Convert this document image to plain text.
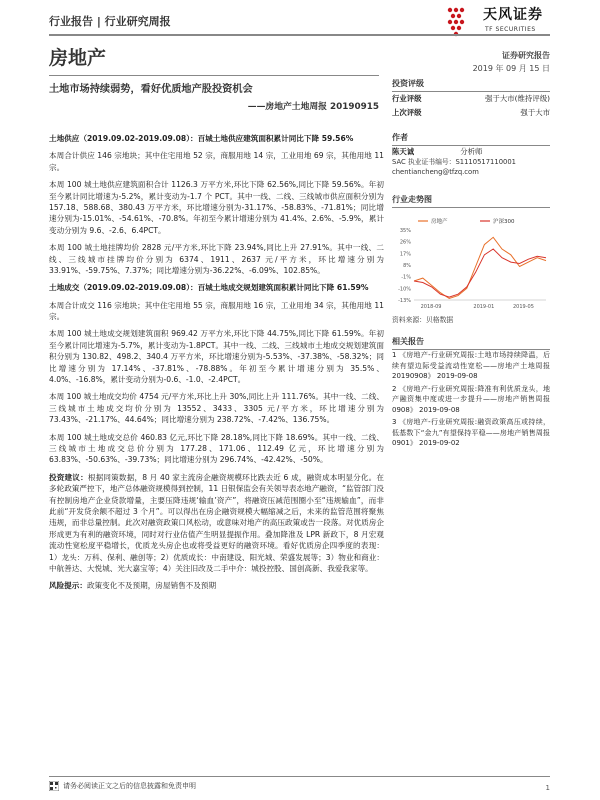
行业报告 | 行业研究周报	天风证券
TF SECURITIES
房地产	证券研究报告
2019 年 09 月 15 日
土地市场持续弱势，看好优质地产股投资机会
——房地产土地周报 20190915

土地供应（2019.09.02-2019.09.08）：百城土地供应建筑面积累计同比下降 59.56%

本周合计供应 146 宗地块；其中住宅用地 52 宗，商服用地 14 宗，工业用地 69 宗，其他用地 11 宗。

本周 100 城土地供应建筑面积合计 1126.3 万平方米,环比下降 62.56%,同比下降 59.56%。年初至今累计同比增速为-5.2%，累计变动为-1.7 个 PCT。其中一线、二线、三线城市供应面积分别为 157.18、588.68、380.43 万平方米，环比增速分别为-31.17%、-58.83%、-71.81%；同比增速分别为-15.01%、-54.61%、-70.8%。年初至今累计增速分别为 41.4%、2.6%、-5.9%，累计变动分别为 9.6、-2.6、6.4PCT。

本周 100 城土地挂牌均价 2828 元/平方米,环比下降 23.94%,同比上升 27.91%。其中一线、二线、三线城市挂牌均价分别为 6374、1911、2637 元/平方米，环比增速分别为 33.91%、-59.75%、7.37%；同比增速分别为-36.22%、-6.09%、102.85%。

土地成交（2019.09.02-2019.09.08）：百城土地成交规划建筑面积累计同比下降 61.59%

本周合计成交 116 宗地块；其中住宅用地 55 宗，商服用地 16 宗，工业用地 34 宗，其他用地 11 宗。

本周 100 城土地成交规划建筑面积 969.42 万平方米,环比下降 44.75%,同比下降 61.59%。年初至今累计同比增速为-5.7%，累计变动为-1.8PCT。其中一线、二线、三线城市土地成交规划建筑面积分别为 130.82、498.2、340.4 万平方米，环比增速分别为-5.53%、-37.38%、-58.32%；同比增速分别为 17.14%、-37.81%、-78.88%。年初至今累计增速分别为 35.5%、4.0%、-16.8%，累计变动分别为-0.6、-1.0、-2.4PCT。

本周 100 城土地成交均价 4754 元/平方米,环比上升 30%,同比上升 111.76%。其中一线、二线、三线城市土地成交均价分别为 13552、3433、3305 元/平方米，环比增速分别为 73.43%、-21.17%、44.64%；同比增速分别为 238.72%、-7.42%、136.75%。

本周 100 城土地成交总价 460.83 亿元,环比下降 28.18%,同比下降 18.69%。其中一线、二线、三线城市土地成交总价分别为 177.28、171.06、112.49 亿元，环比增速分别为 63.83%、-50.63%、-39.73%；同比增速分别为 296.74%、-42.42%、-50%。

投资建议：根据同策数据，8 月 40 家主流房企融资规模环比跌去近 6 成，融资成本明显分化。在多轮政策严控下，地产总体融资规模得到控制，11 日银保监会有关领导表态地产融资，“监管部门没有控制房地产企业贷款增量，主要压降违规‘输血’资产”，将融资压减范围圈小至“违规输血”，而非此前“开发贷余额不超过 3 个月”。可以得出在房企融资规模大幅缩减之后，未来的监管范围将聚焦违规，而非总量控制。此次对融资政策口风松动，或意味对地产的高压政策或告一段落。对优质房企形成更为有利的融资环境，同时对行业估值产生明显提振作用。叠加降准及 LPR 新政下，8 月宏观流动性宽松度平稳增长，优质龙头房企也或将受益更好的融资环境。看好优质房企四季度的表现：1）龙头：万科、保利、融创等；2）优质成长：中南建设、阳光城、荣盛发展等；3）物业和商业：中航善达、大悦城、光大嘉宝等；4）关注旧改及二手中介：城投控股、国创高新、我爱我家等。

风险提示：政策变化不及预期，房屋销售不及预期

投资评级
行业评级	强于大市(维持评级)
上次评级	强于大市
作者
陈天诚	分析师
SAC 执业证书编号：S1110517110001
chentiancheng@tfzq.com
行业走势图
35%
26%
17%
8%
-1%
-10%
-13%
2018-09	2019-01	2019-05
房地产	沪深300
资料来源：贝格数据
相关报告

1 《房地产-行业研究周报:土地市场持续降温，后续有望边际受益流动性宽松——房地产土地周报 20190908》 2019-09-08

2 《房地产-行业研究周报:降准有利优质龙头，地产融资集中度或进一步提升——房地产销售周报 0908》 2019-09-08

3 《房地产-行业研究周报:融资政策高压或持续，低基数下“金九”有望保持平稳——房地产销售周报 0901》 2019-09-02

请务必阅读正文之后的信息披露和免责申明	1
